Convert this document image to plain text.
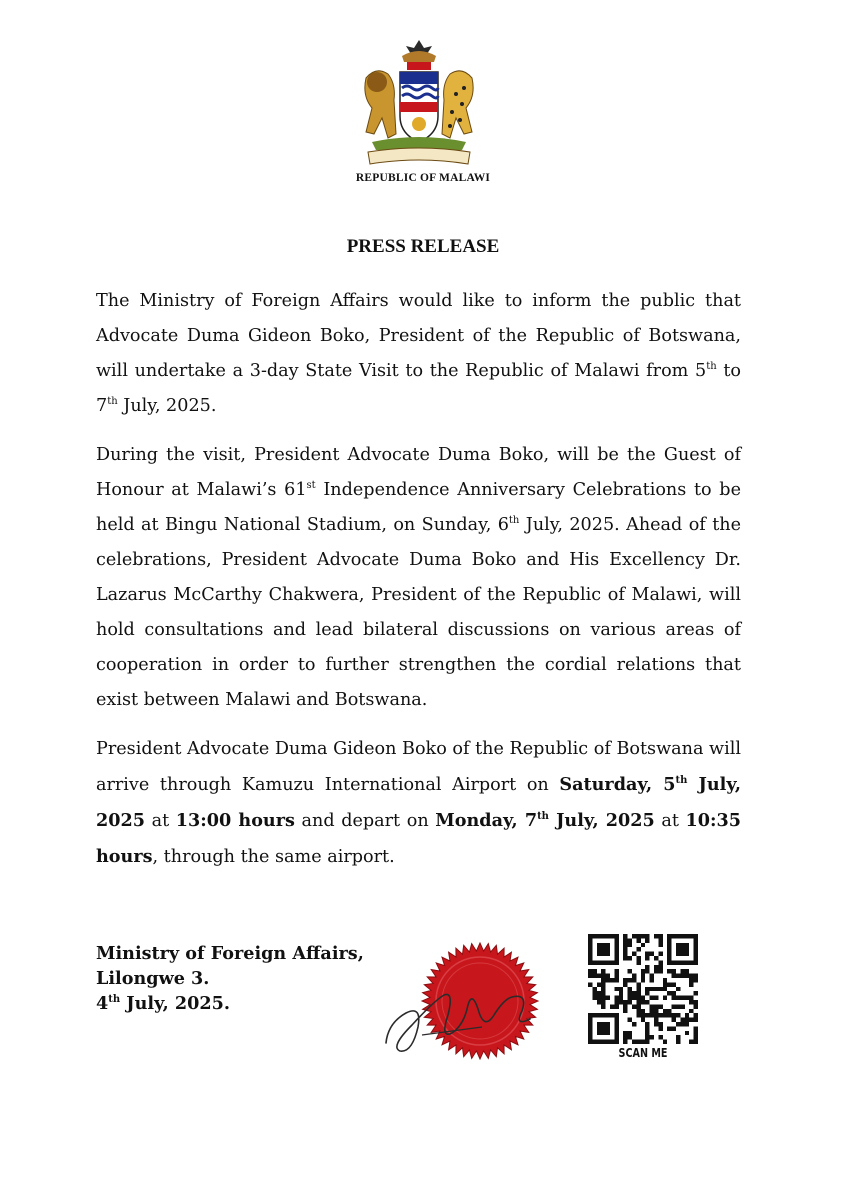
REPUBLIC OF MALAWI
PRESS RELEASE

The Ministry of Foreign Affairs would like to inform the public that Advocate Duma Gideon Boko, President of the Republic of Botswana, will undertake a 3-day State Visit to the Republic of Malawi from 5th to 7th July, 2025.

During the visit, President Advocate Duma Boko, will be the Guest of Honour at Malawi’s 61st Independence Anniversary Celebrations to be held at Bingu National Stadium, on Sunday, 6th July, 2025. Ahead of the celebrations, President Advocate Duma Boko and His Excellency Dr. Lazarus McCarthy Chakwera, President of the Republic of Malawi, will hold consultations and lead bilateral discussions on various areas of cooperation in order to further strengthen the cordial relations that exist between Malawi and Botswana.

President Advocate Duma Gideon Boko of the Republic of Botswana will arrive through Kamuzu International Airport on Saturday, 5th July, 2025 at 13:00 hours and depart on Monday, 7th July, 2025 at 10:35 hours, through the same airport.

Ministry of Foreign Affairs,
Lilongwe 3.
4th July, 2025.
SCAN ME
